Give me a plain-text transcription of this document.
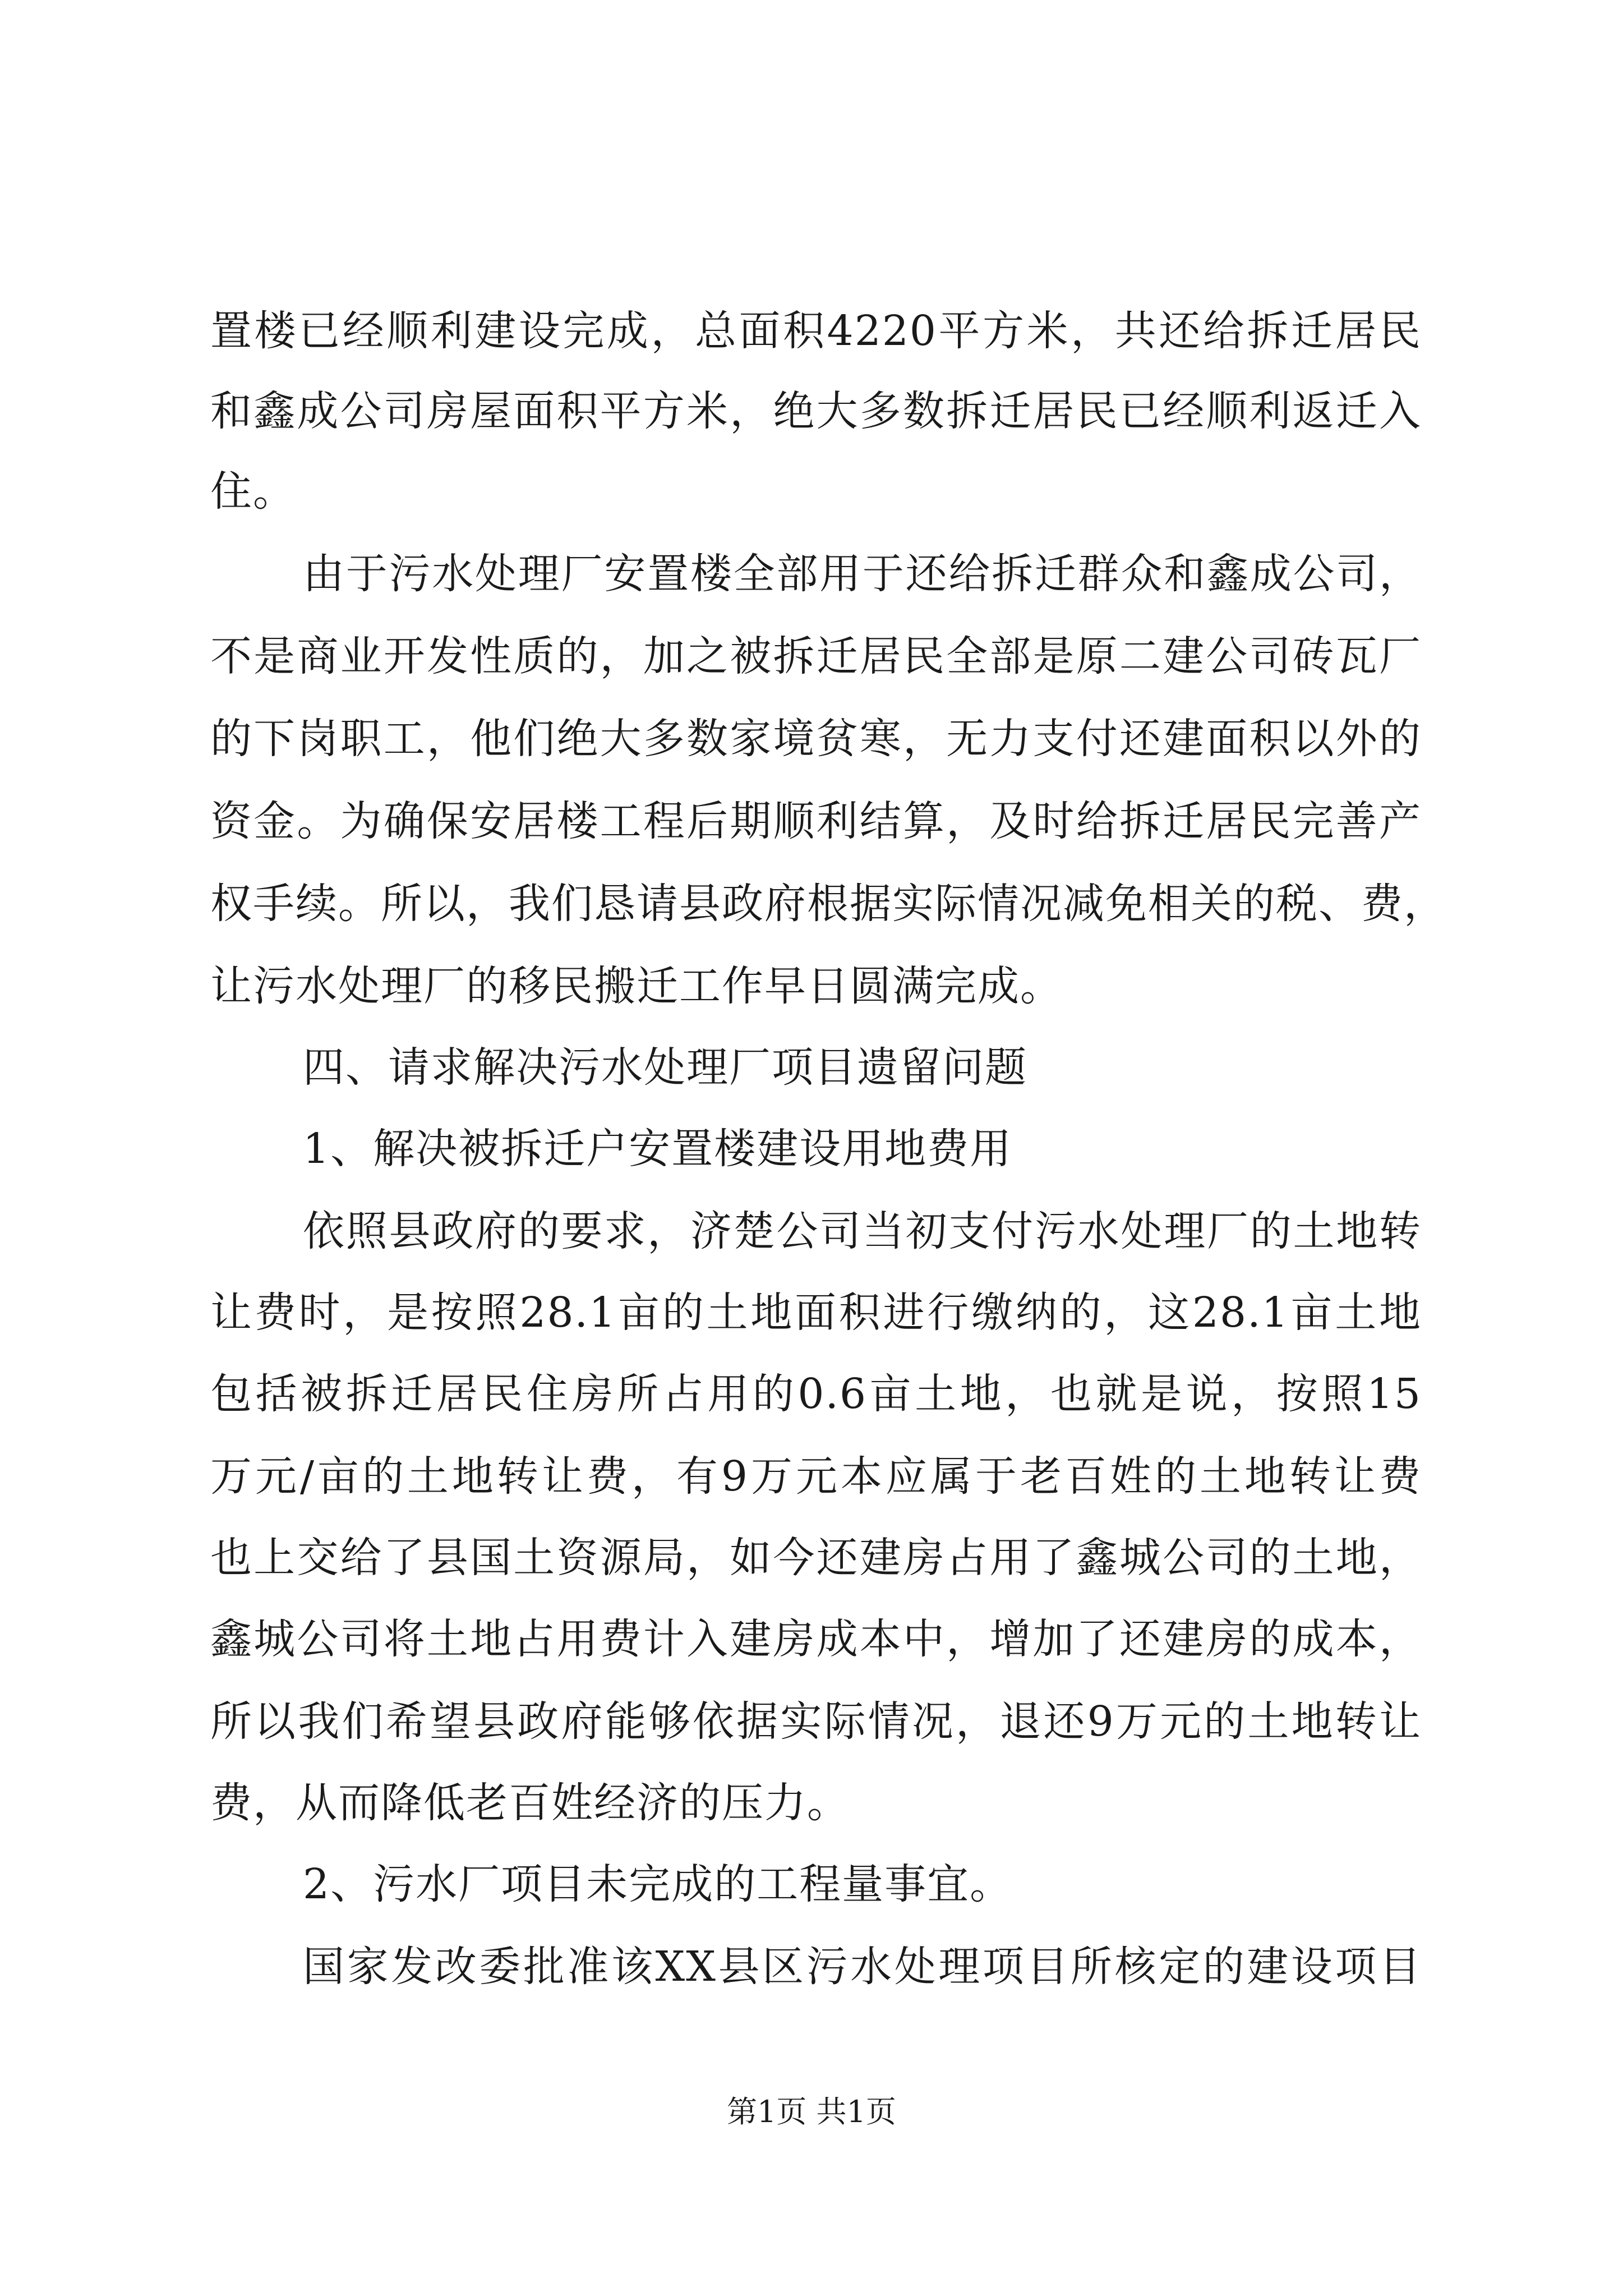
置楼已经顺利建设完成，总面积4220平方米，共还给拆迁居民
和鑫成公司房屋面积平方米，绝大多数拆迁居民已经顺利返迁入
住。
由于污水处理厂安置楼全部用于还给拆迁群众和鑫成公司，
不是商业开发性质的，加之被拆迁居民全部是原二建公司砖瓦厂
的下岗职工，他们绝大多数家境贫寒，无力支付还建面积以外的
资金。为确保安居楼工程后期顺利结算，及时给拆迁居民完善产
权手续。所以，我们恳请县政府根据实际情况减免相关的税、费，
让污水处理厂的移民搬迁工作早日圆满完成。
四、请求解决污水处理厂项目遗留问题
1、解决被拆迁户安置楼建设用地费用
依照县政府的要求，济楚公司当初支付污水处理厂的土地转
让费时，是按照28.1亩的土地面积进行缴纳的，这28.1亩土地
包括被拆迁居民住房所占用的0.6亩土地，也就是说，按照15
万元/亩的土地转让费，有9万元本应属于老百姓的土地转让费
也上交给了县国土资源局，如今还建房占用了鑫城公司的土地，
鑫城公司将土地占用费计入建房成本中，增加了还建房的成本，
所以我们希望县政府能够依据实际情况，退还9万元的土地转让
费，从而降低老百姓经济的压力。
2、污水厂项目未完成的工程量事宜。
国家发改委批准该XX县区污水处理项目所核定的建设项目
第1页 共1页
